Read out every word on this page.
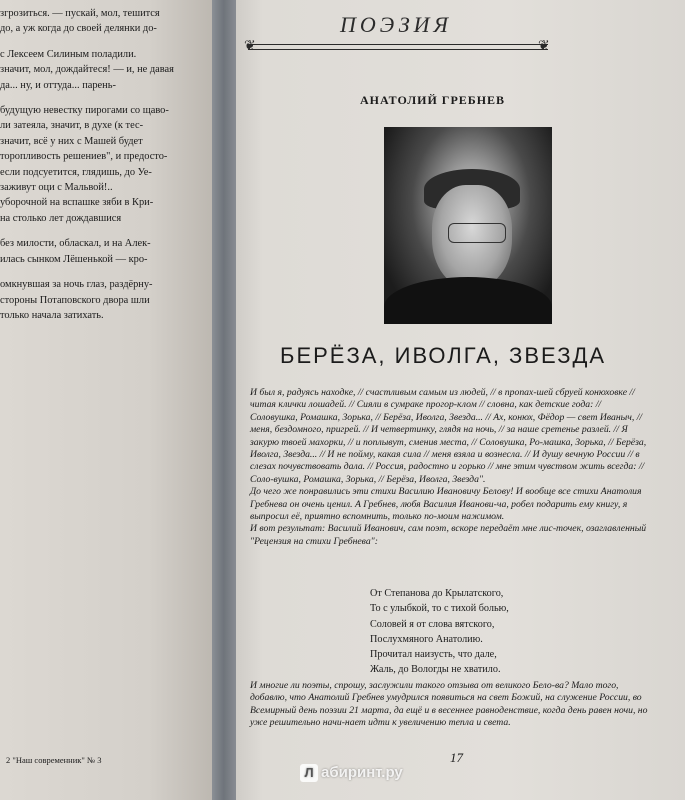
згрозиться. — пускай, мол, тешится
до, а уж когда до своей делянки до-
с Лексеем Силиным поладили.
значит, мол, дождайтеся! — и, не давая
да... ну, и оттуда... парень-
будущую невестку пирогами со щаво-
ли затеяла, значит, в духе (к тес-
значит, всё у них с Машей будет
торопливость решениев", и предосто-
если подсуетится, глядишь, до Уе-
заживут оци с Мальвой!..
уборочной на вспашке зяби в Кри-
на столько лет дождавшися
без милости, обласкал, и на Алек-
илась сынком Лёшенькой — кро-
омкнувшая за ночь глаз, раздёрну-
стороны Потаповского двора шли
только начала затихать.
2 "Наш современник" № 3
ПОЭЗИЯ
❦	❦
АНАТОЛИЙ ГРЕБНЕВ
БЕРЁЗА, ИВОЛГА, ЗВЕЗДА

И был я, радуясь находке, // счастливым самым из людей, // в пропах-шей сбруей конюховке // читая клички лошадей. // Сияли в сумраке прогор-клом // словна, как детские года: // Соловушка, Ромашка, Зорька, // Берёза, Иволга, Звезда... // Ах, конюх, Фёдор — свет Иваныч, // меня, бездомного, пригрей. // И четвертинку, глядя на ночь, // за наше сретенье разлей. // Я закурю твоей махорки, // и поплывут, сменив места, // Соловушка, Ро-машка, Зорька, // Берёза, Иволга, Звезда... // И не пойму, какая сила // меня взяла и вознесла. // И душу вечную России // в слезах почувствовать дала. // Россия, радостно и горько // мне этим чувством жить всегда: // Соло-вушка, Ромашка, Зорька, // Берёза, Иволга, Звезда".

До чего же понравились эти стихи Василию Ивановичу Белову! И вообще все стихи Анатолия Гребнева он очень ценил. А Гребнев, любя Василия Иванови-ча, робел подарить ему книгу, я выпросил её, приятно вспомнить, только по-моим нажимом.

И вот результат: Василий Иванович, сам поэт, вскоре передаёт мне лис-точек, озаглавленный "Рецензия на стихи Гребнева":

От Степанова до Крылатского,
То с улыбкой, то с тихой болью,
Соловей я от слова вятского,
Послухмяного Анатолию.
Прочитал наизусть, что дале,
Жаль, до Вологды не хватило.
И многие ли поэты, спрошу, заслужили такого отзыва от великого Бело-ва? Мало того, добавлю, что Анатолий Гребнев умудрился появиться на свет Божий, на служение России, во Всемирный день поэзии 21 марта, да ещё и в весеннее равноденствие, когда день равен ночи, но уже решительно начи-нает идти к увеличению тепла и света.
17
Л абиринт.ру
